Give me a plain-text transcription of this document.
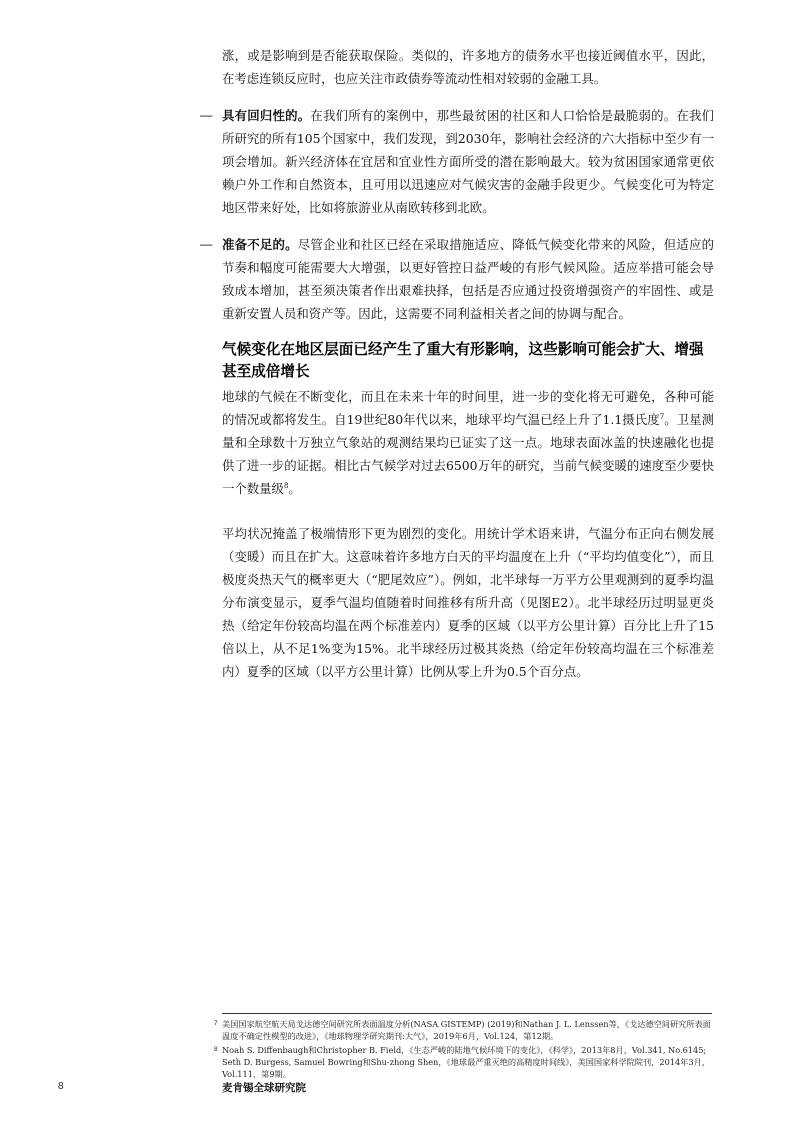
涨，或是影响到是否能获取保险。类似的，许多地方的债务水平也接近阈值水平，因此，在考虑连锁反应时，也应关注市政债券等流动性相对较弱的金融工具。

— 具有回归性的。在我们所有的案例中，那些最贫困的社区和人口恰恰是最脆弱的。在我们所研究的所有105个国家中，我们发现，到2030年，影响社会经济的六大指标中至少有一项会增加。新兴经济体在宜居和宜业性方面所受的潜在影响最大。较为贫困国家通常更依赖户外工作和自然资本，且可用以迅速应对气候灾害的金融手段更少。气候变化可为特定地区带来好处，比如将旅游业从南欧转移到北欧。

— 准备不足的。尽管企业和社区已经在采取措施适应、降低气候变化带来的风险，但适应的节奏和幅度可能需要大大增强，以更好管控日益严峻的有形气候风险。适应举措可能会导致成本增加，甚至须决策者作出艰难抉择，包括是否应通过投资增强资产的牢固性、或是重新安置人员和资产等。因此，这需要不同利益相关者之间的协调与配合。

气候变化在地区层面已经产生了重大有形影响，这些影响可能会扩大、增强甚至成倍增长

地球的气候在不断变化，而且在未来十年的时间里，进一步的变化将无可避免，各种可能的情况或都将发生。自19世纪80年代以来，地球平均气温已经上升了1.1摄氏度$^7$。卫星测量和全球数十万独立气象站的观测结果均已证实了这一点。地球表面冰盖的快速融化也提供了进一步的证据。相比古气候学对过去6500万年的研究，当前气候变暖的速度至少要快一个数量级$^8$。

平均状况掩盖了极端情形下更为剧烈的变化。用统计学术语来讲，气温分布正向右侧发展（变暖）而且在扩大。这意味着许多地方白天的平均温度在上升（“平均均值变化”），而且极度炎热天气的概率更大（“肥尾效应”）。例如，北半球每一万平方公里观测到的夏季均温分布演变显示，夏季气温均值随着时间推移有所升高（见图E2）。北半球经历过明显更炎热（给定年份较高均温在两个标准差内）夏季的区域（以平方公里计算）百分比上升了15倍以上，从不足1%变为15%。北半球经历过极其炎热（给定年份较高均温在三个标准差内）夏季的区域（以平方公里计算）比例从零上升为0.5个百分点。

7 美国国家航空航天局戈达德空间研究所表面温度分析(NASA GISTEMP) (2019)和Nathan J. L. Lenssen等，《戈达德空间研究所表面温度不确定性模型的改进》，《地球物理学研究期刊:大气》，2019年6月，Vol.124，第12期。
8 Noah S. Diffenbaugh和Christopher B. Field，《生态严峻的陆地气候环境下的变化》，《科学》，2013年8月，Vol.341, No.6145; Seth D. Burgess, Samuel Bowring和Shu-zhong Shen，《地球最严重灭绝的高精度时间线》，美国国家科学院院刊，2014年3月，Vol.111，第9期。
8	麦肯锡全球研究院
